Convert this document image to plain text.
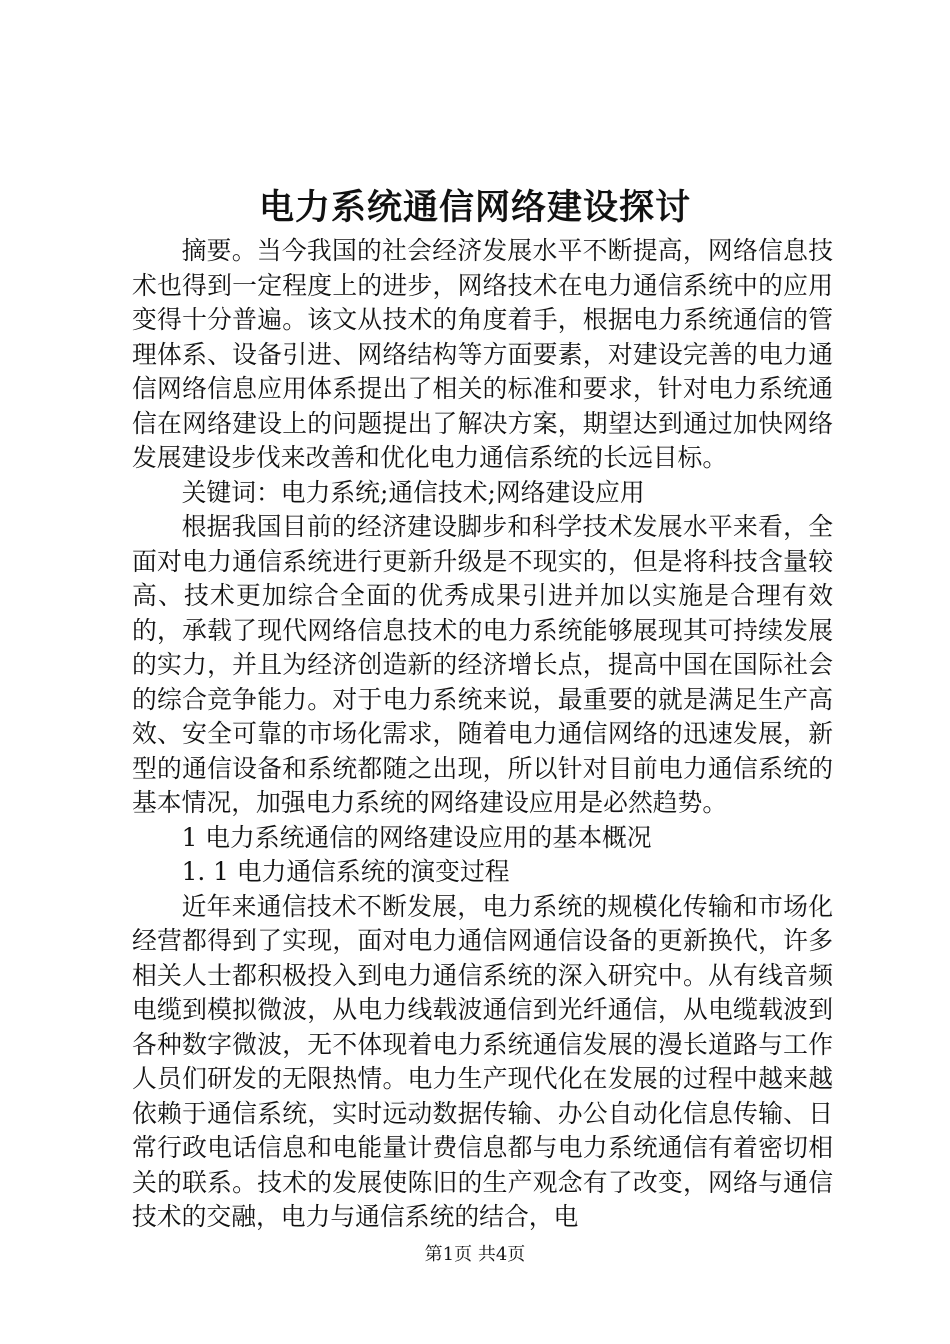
电力系统通信网络建设探讨

摘要。当今我国的社会经济发展水平不断提高，网络信息技术也得到一定程度上的进步，网络技术在电力通信系统中的应用变得十分普遍。该文从技术的角度着手，根据电力系统通信的管理体系、设备引进、网络结构等方面要素，对建设完善的电力通信网络信息应用体系提出了相关的标准和要求，针对电力系统通信在网络建设上的问题提出了解决方案，期望达到通过加快网络发展建设步伐来改善和优化电力通信系统的长远目标。

关键词：电力系统;通信技术;网络建设应用

根据我国目前的经济建设脚步和科学技术发展水平来看，全面对电力通信系统进行更新升级是不现实的，但是将科技含量较高、技术更加综合全面的优秀成果引进并加以实施是合理有效的，承载了现代网络信息技术的电力系统能够展现其可持续发展的实力，并且为经济创造新的经济增长点，提高中国在国际社会的综合竞争能力。对于电力系统来说，最重要的就是满足生产高效、安全可靠的市场化需求，随着电力通信网络的迅速发展，新型的通信设备和系统都随之出现，所以针对目前电力通信系统的基本情况，加强电力系统的网络建设应用是必然趋势。

1 电力系统通信的网络建设应用的基本概况

1. 1 电力通信系统的演变过程

近年来通信技术不断发展，电力系统的规模化传输和市场化经营都得到了实现，面对电力通信网通信设备的更新换代，许多相关人士都积极投入到电力通信系统的深入研究中。从有线音频电缆到模拟微波，从电力线载波通信到光纤通信，从电缆载波到各种数字微波，无不体现着电力系统通信发展的漫长道路与工作人员们研发的无限热情。电力生产现代化在发展的过程中越来越依赖于通信系统，实时远动数据传输、办公自动化信息传输、日常行政电话信息和电能量计费信息都与电力系统通信有着密切相关的联系。技术的发展使陈旧的生产观念有了改变，网络与通信技术的交融，电力与通信系统的结合，电

第1页 共4页
